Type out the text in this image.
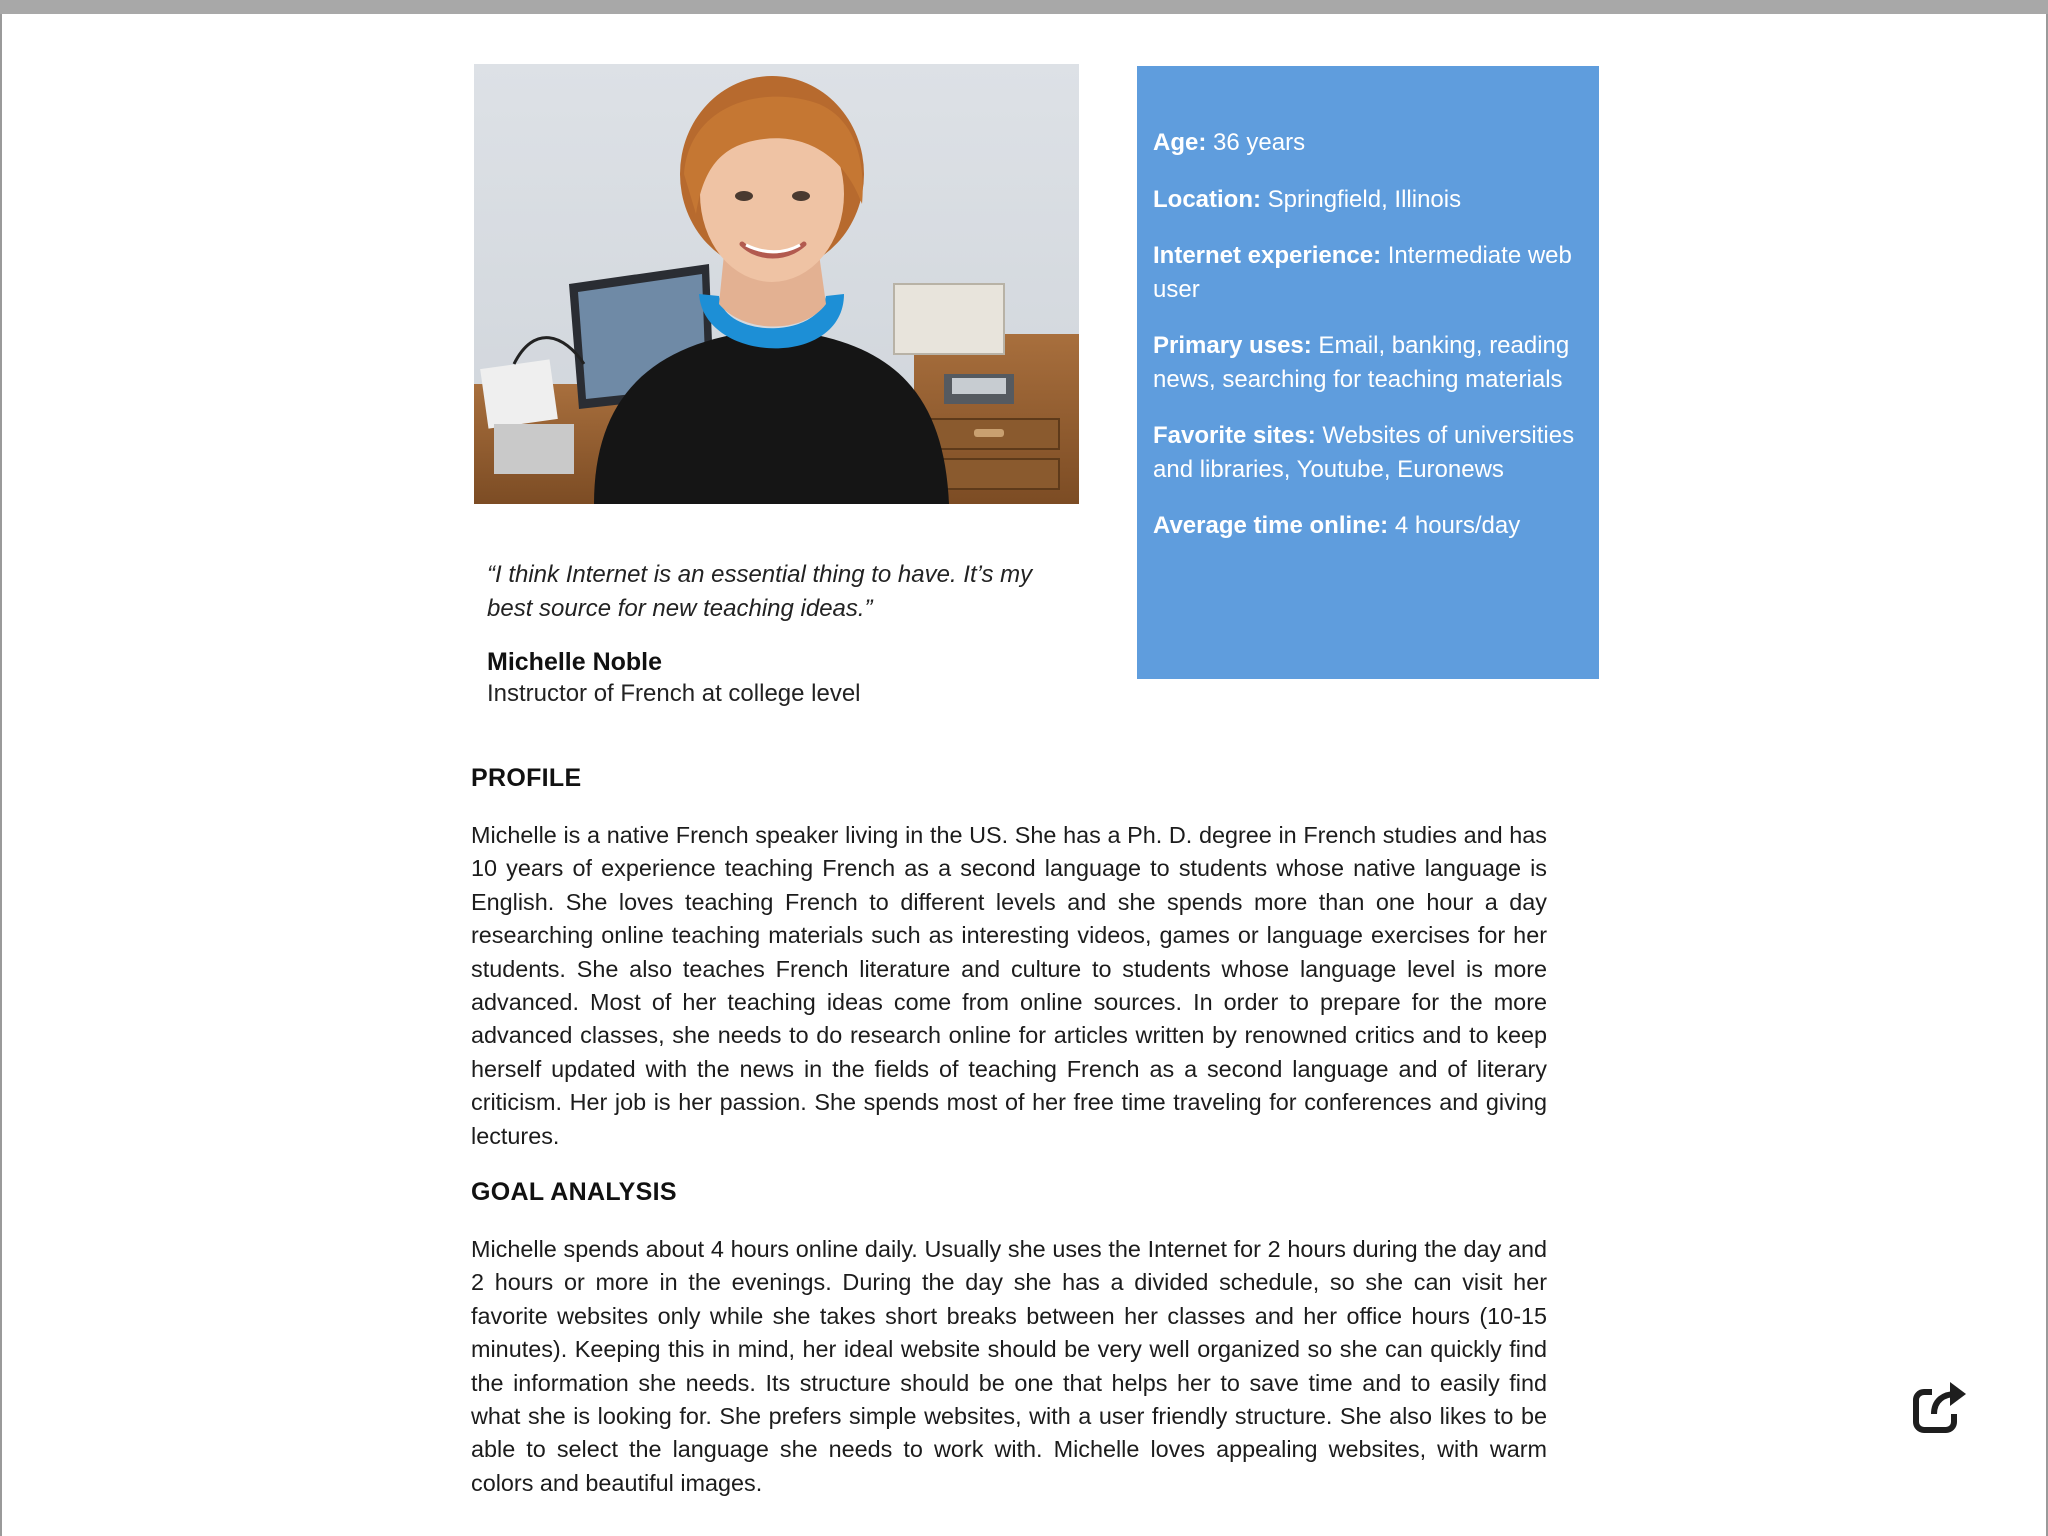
“I think Internet is an essential thing to have. It’s my best source for new teaching ideas.”
Michelle Noble
Instructor of French at college level
Age: 36 years
Location: Springfield, Illinois
Internet experience: Intermediate web user
Primary uses: Email, banking, reading news, searching for teaching materials
Favorite sites: Websites of universities and libraries, Youtube, Euronews
Average time online: 4 hours/day
PROFILE
Michelle is a native French speaker living in the US. She has a Ph. D. degree in French studies and has 10 years of experience teaching French as a second language to students whose native language is English. She loves teaching French to different levels and she spends more than one hour a day researching online teaching materials such as interesting videos, games or language exercises for her students. She also teaches French literature and culture to students whose language level is more advanced. Most of her teaching ideas come from online sources. In order to prepare for the more advanced classes, she needs to do research online for articles written by renowned critics and to keep herself updated with the news in the fields of teaching French as a second language and of literary criticism. Her job is her passion. She spends most of her free time traveling for conferences and giving lectures.
GOAL ANALYSIS
Michelle spends about 4 hours online daily. Usually she uses the Internet for 2 hours during the day and 2 hours or more in the evenings. During the day she has a divided schedule, so she can visit her favorite websites only while she takes short breaks between her classes and her office hours (10-15 minutes). Keeping this in mind, her ideal website should be very well organized so she can quickly find the information she needs. Its structure should be one that helps her to save time and to easily find what she is looking for. She prefers simple websites, with a user friendly structure. She also likes to be able to select the language she needs to work with. Michelle loves appealing websites, with warm colors and beautiful images.
